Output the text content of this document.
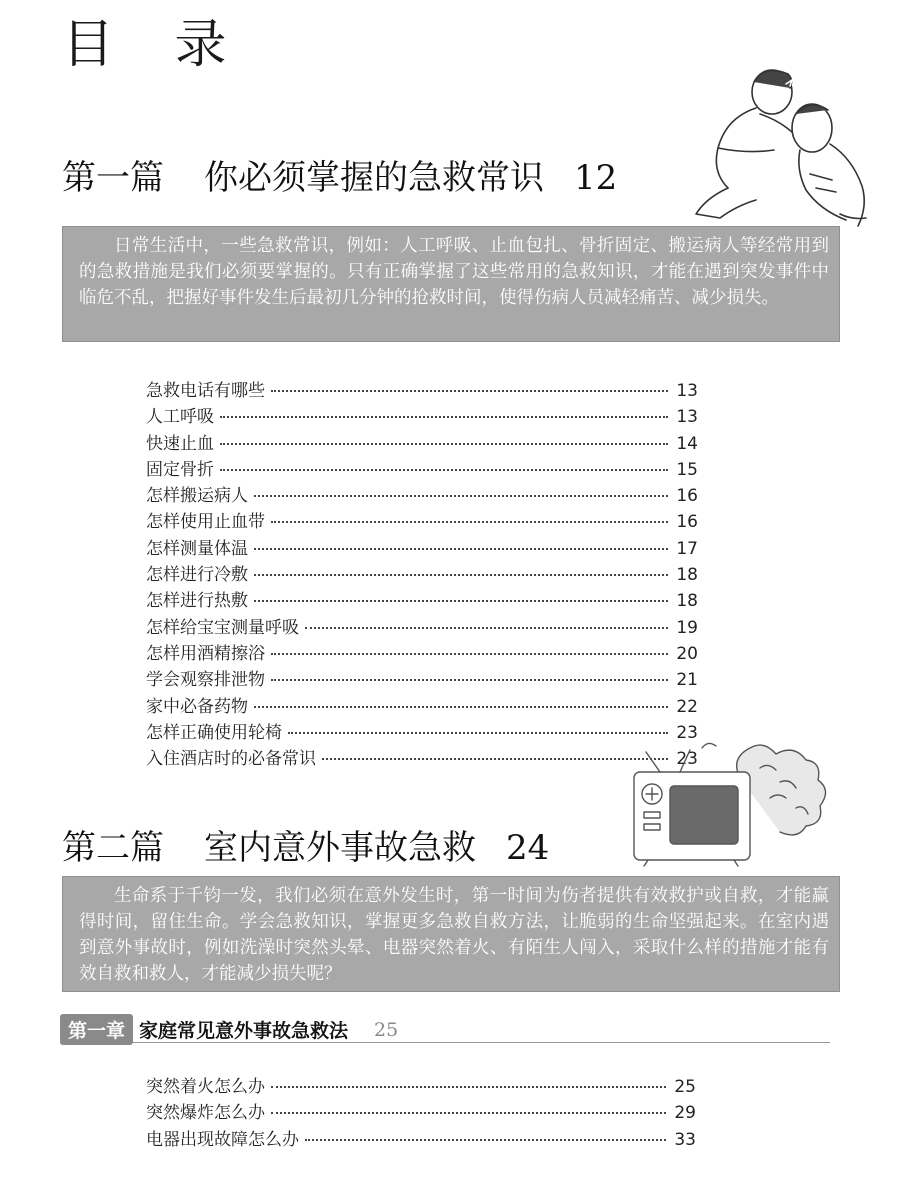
目 录
第一篇 你必须掌握的急救常识 12
日常生活中，一些急救常识，例如：人工呼吸、止血包扎、骨折固定、搬运病人等经常用到的急救措施是我们必须要掌握的。只有正确掌握了这些常用的急救知识，才能在遇到突发事件中临危不乱，把握好事件发生后最初几分钟的抢救时间，使得伤病人员减轻痛苦、减少损失。
急救电话有哪些	13
人工呼吸	13
快速止血	14
固定骨折	15
怎样搬运病人	16
怎样使用止血带	16
怎样测量体温	17
怎样进行冷敷	18
怎样进行热敷	18
怎样给宝宝测量呼吸	19
怎样用酒精擦浴	20
学会观察排泄物	21
家中必备药物	22
怎样正确使用轮椅	23
入住酒店时的必备常识	23
第二篇 室内意外事故急救 24
生命系于千钧一发，我们必须在意外发生时，第一时间为伤者提供有效救护或自救，才能赢得时间，留住生命。学会急救知识，掌握更多急救自救方法，让脆弱的生命坚强起来。在室内遇到意外事故时，例如洗澡时突然头晕、电器突然着火、有陌生人闯入，采取什么样的措施才能有效自救和救人，才能减少损失呢？
第一章 家庭常见意外事故急救法 25
突然着火怎么办	25
突然爆炸怎么办	29
电器出现故障怎么办	33
